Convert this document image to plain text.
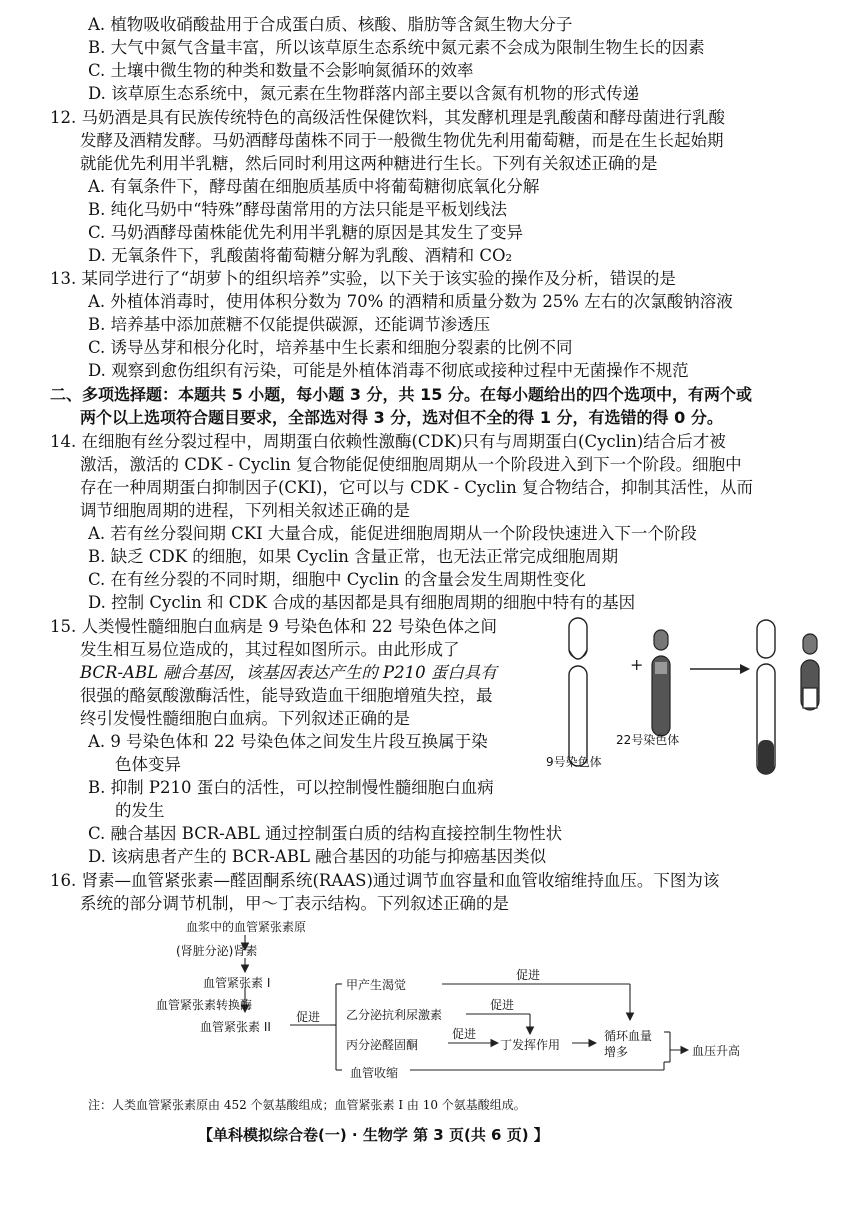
A. 植物吸收硝酸盐用于合成蛋白质、核酸、脂肪等含氮生物大分子
B. 大气中氮气含量丰富，所以该草原生态系统中氮元素不会成为限制生物生长的因素
C. 土壤中微生物的种类和数量不会影响氮循环的效率
D. 该草原生态系统中，氮元素在生物群落内部主要以含氮有机物的形式传递
12. 马奶酒是具有民族传统特色的高级活性保健饮料，其发酵机理是乳酸菌和酵母菌进行乳酸
发酵及酒精发酵。马奶酒酵母菌株不同于一般微生物优先利用葡萄糖，而是在生长起始期
就能优先利用半乳糖，然后同时利用这两种糖进行生长。下列有关叙述正确的是
A. 有氧条件下，酵母菌在细胞质基质中将葡萄糖彻底氧化分解
B. 纯化马奶中“特殊”酵母菌常用的方法只能是平板划线法
C. 马奶酒酵母菌株能优先利用半乳糖的原因是其发生了变异
D. 无氧条件下，乳酸菌将葡萄糖分解为乳酸、酒精和 CO₂
13. 某同学进行了“胡萝卜的组织培养”实验，以下关于该实验的操作及分析，错误的是
A. 外植体消毒时，使用体积分数为 70% 的酒精和质量分数为 25% 左右的次氯酸钠溶液
B. 培养基中添加蔗糖不仅能提供碳源，还能调节渗透压
C. 诱导丛芽和根分化时，培养基中生长素和细胞分裂素的比例不同
D. 观察到愈伤组织有污染，可能是外植体消毒不彻底或接种过程中无菌操作不规范
二、多项选择题：本题共 5 小题，每小题 3 分，共 15 分。在每小题给出的四个选项中，有两个或
两个以上选项符合题目要求，全部选对得 3 分，选对但不全的得 1 分，有选错的得 0 分。
14. 在细胞有丝分裂过程中，周期蛋白依赖性激酶(CDK)只有与周期蛋白(Cyclin)结合后才被
激活，激活的 CDK - Cyclin 复合物能促使细胞周期从一个阶段进入到下一个阶段。细胞中
存在一种周期蛋白抑制因子(CKI)，它可以与 CDK - Cyclin 复合物结合，抑制其活性，从而
调节细胞周期的进程，下列相关叙述正确的是
A. 若有丝分裂间期 CKI 大量合成，能促进细胞周期从一个阶段快速进入下一个阶段
B. 缺乏 CDK 的细胞，如果 Cyclin 含量正常，也无法正常完成细胞周期
C. 在有丝分裂的不同时期，细胞中 Cyclin 的含量会发生周期性变化
D. 控制 Cyclin 和 CDK 合成的基因都是具有细胞周期的细胞中特有的基因
15. 人类慢性髓细胞白血病是 9 号染色体和 22 号染色体之间
发生相互易位造成的，其过程如图所示。由此形成了
BCR-ABL 融合基因，该基因表达产生的 P210 蛋白具有
很强的酪氨酸激酶活性，能导致造血干细胞增殖失控，最
终引发慢性髓细胞白血病。下列叙述正确的是
A. 9 号染色体和 22 号染色体之间发生片段互换属于染
色体变异
B. 抑制 P210 蛋白的活性，可以控制慢性髓细胞白血病
的发生
C. 融合基因 BCR-ABL 通过控制蛋白质的结构直接控制生物性状
D. 该病患者产生的 BCR-ABL 融合基因的功能与抑癌基因类似
16. 肾素—血管紧张素—醛固酮系统(RAAS)通过调节血容量和血管收缩维持血压。下图为该
系统的部分调节机制，甲～丁表示结构。下列叙述正确的是
+
22号染色体
9号染色体
血浆中的血管紧张素原
(肾脏分泌)肾素
血管紧张素 I
血管紧张素转换酶
血管紧张素 II
促进
甲产生渴觉
促进
乙分泌抗利尿激素
促进
丙分泌醛固酮
促进
丁发挥作用
血管收缩
循环血量
增多	血压升高
注：人类血管紧张素原由 452 个氨基酸组成；血管紧张素 I 由 10 个氨基酸组成。
【单科模拟综合卷(一) · 生物学 第 3 页(共 6 页) 】
